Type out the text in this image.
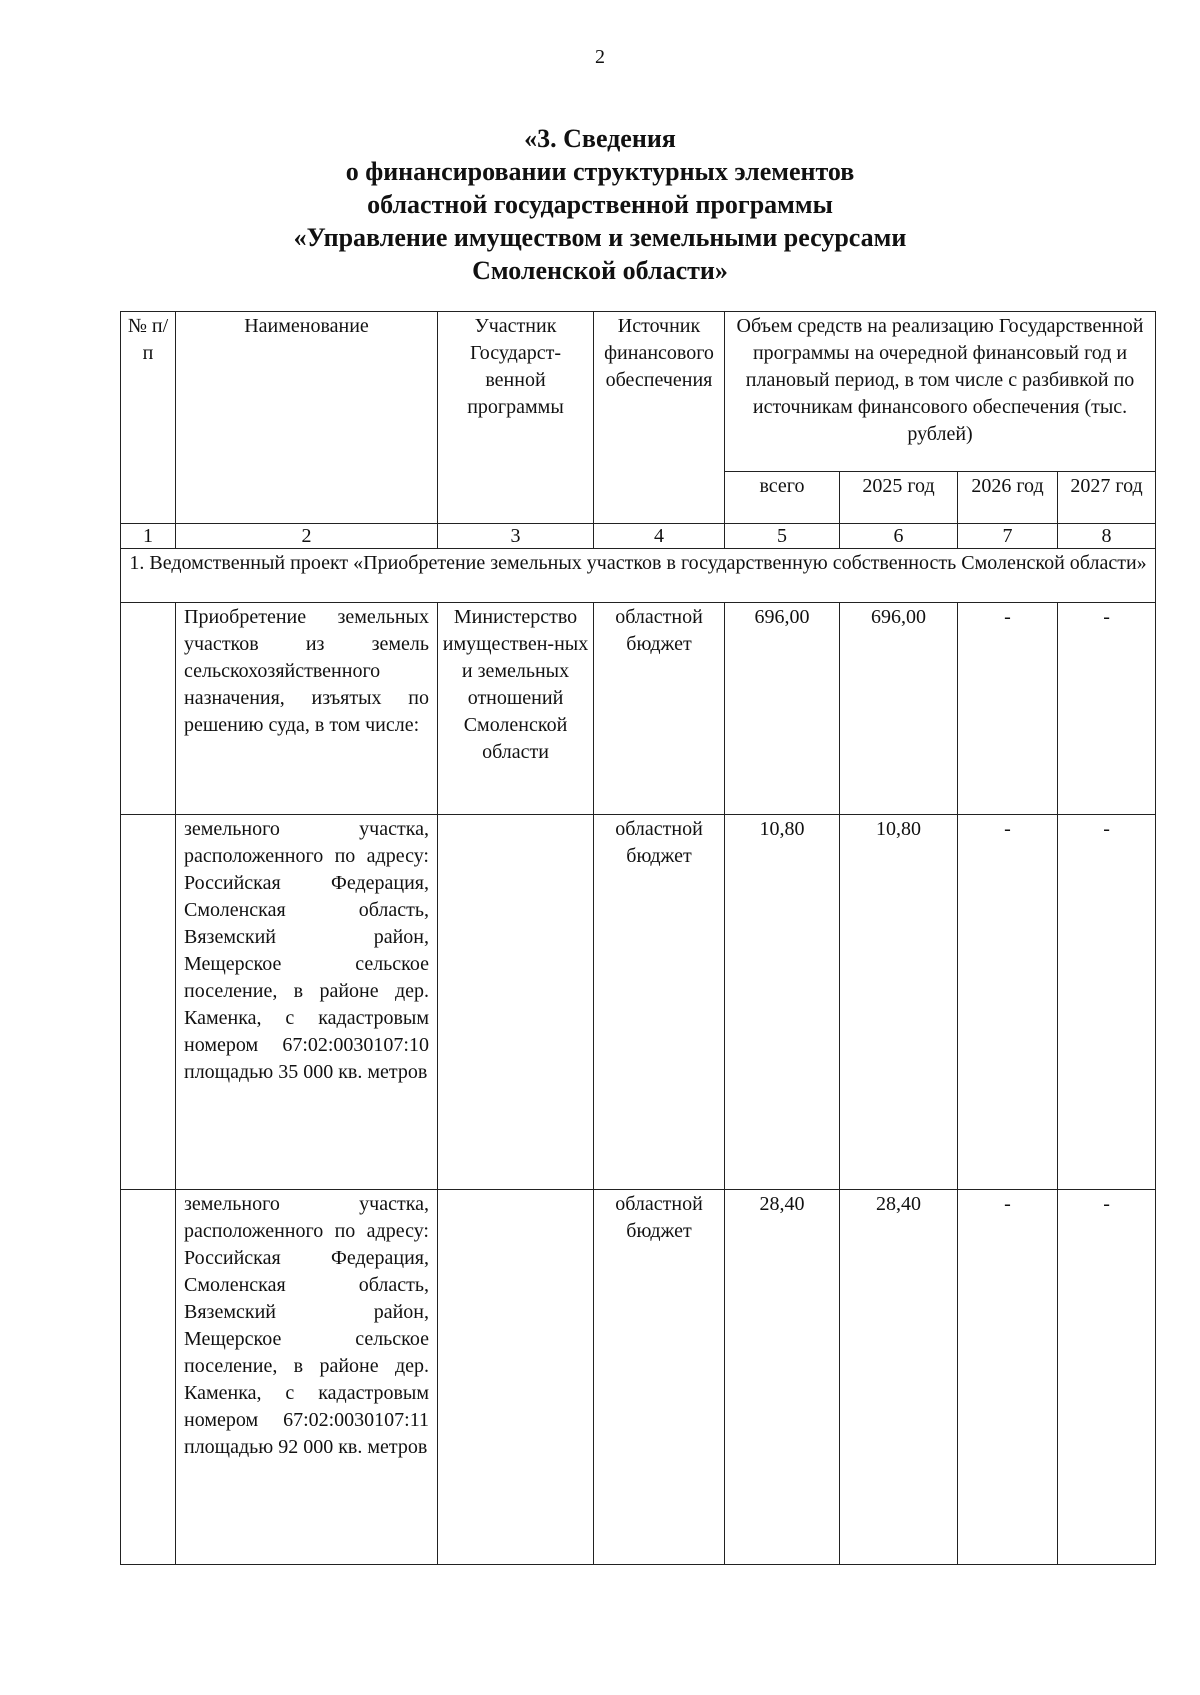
2
«3. Сведения
о финансировании структурных элементов
областной государственной программы
«Управление имуществом и земельными ресурсами
Смоленской области»
№ п/п	Наименование	Участник Государст-венной программы	Источник финансового обеспечения	Объем средств на реализацию Государственной программы на очередной финансовый год и плановый период, в том числе с разбивкой по источникам финансового обеспечения (тыс. рублей)			
				всего	2025 год	2026 год	2027 год
1	2	3	4	5	6	7	8
1. Ведомственный проект «Приобретение земельных участков в государственную собственность Смоленской области»							
	Приобретение земельных участков из земель сельскохозяйственного назначения, изъятых по решению суда, в том числе:	Министерство имуществен-ных и земельных отношений Смоленской области	областной бюджет	696,00	696,00	-	-
	земельного участка, расположенного по адресу: Российская Федерация, Смоленская область, Вяземский район, Мещерское сельское поселение, в районе дер. Каменка, с кадастровым номером 67:02:0030107:10 площадью 35 000 кв. метров		областной бюджет	10,80	10,80	-	-
	земельного участка, расположенного по адресу: Российская Федерация, Смоленская область, Вяземский район, Мещерское сельское поселение, в районе дер. Каменка, с кадастровым номером 67:02:0030107:11 площадью 92 000 кв. метров		областной бюджет	28,40	28,40	-	-
